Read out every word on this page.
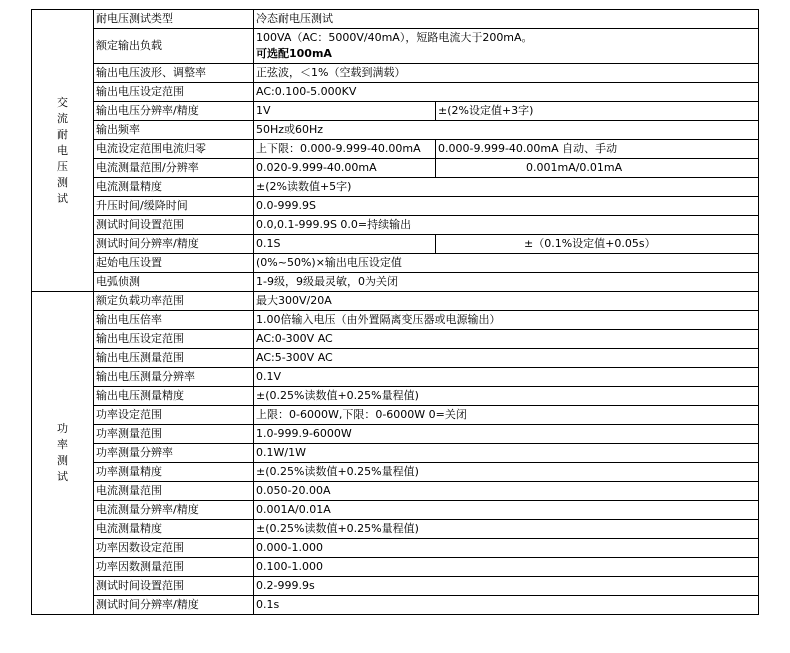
交流耐电压测试	耐电压测试类型	冷态耐电压测试	
	额定输出负载	100VA（AC：5000V/40mA），短路电流大于200mA。
可选配100mA	

	输出电压波形、调整率	正弦波，＜1%（空载到满载）	
	输出电压设定范围	AC:0.100-5.000KV	
	输出电压分辨率/精度	1V	±(2%设定值+3字)
	输出频率	50Hz或60Hz	
	电流设定范围电流归零	上下限：0.000-9.999-40.00mA	0.000-9.999-40.00mA 自动、手动
	电流测量范围/分辨率	0.020-9.999-40.00mA	0.001mA/0.01mA
	电流测量精度	±(2%读数值+5字)	
	升压时间/缓降时间	0.0-999.9S	
	测试时间设置范围	0.0,0.1-999.9S 0.0=持续输出	
	测试时间分辨率/精度	0.1S	±（0.1%设定值+0.05s）
	起始电压设置	(0%~50%)×输出电压设定值	
	电弧侦测	1-9级，9级最灵敏，0为关闭	

功率测试	额定负载功率范围	最大300V/20A	
	输出电压倍率	1.00倍输入电压（由外置隔离变压器或电源输出）	
	输出电压设定范围	AC:0-300V AC	
	输出电压测量范围	AC:5-300V AC	
	输出电压测量分辨率	0.1V	
	输出电压测量精度	±(0.25%读数值+0.25%量程值)	
	功率设定范围	上限：0-6000W,下限：0-6000W 0=关闭	
	功率测量范围	1.0-999.9-6000W	
	功率测量分辨率	0.1W/1W	
	功率测量精度	±(0.25%读数值+0.25%量程值)	
	电流测量范围	0.050-20.00A	
	电流测量分辨率/精度	0.001A/0.01A	
	电流测量精度	±(0.25%读数值+0.25%量程值)	
	功率因数设定范围	0.000-1.000	
	功率因数测量范围	0.100-1.000	
	测试时间设置范围	0.2-999.9s	
	测试时间分辨率/精度	0.1s	
